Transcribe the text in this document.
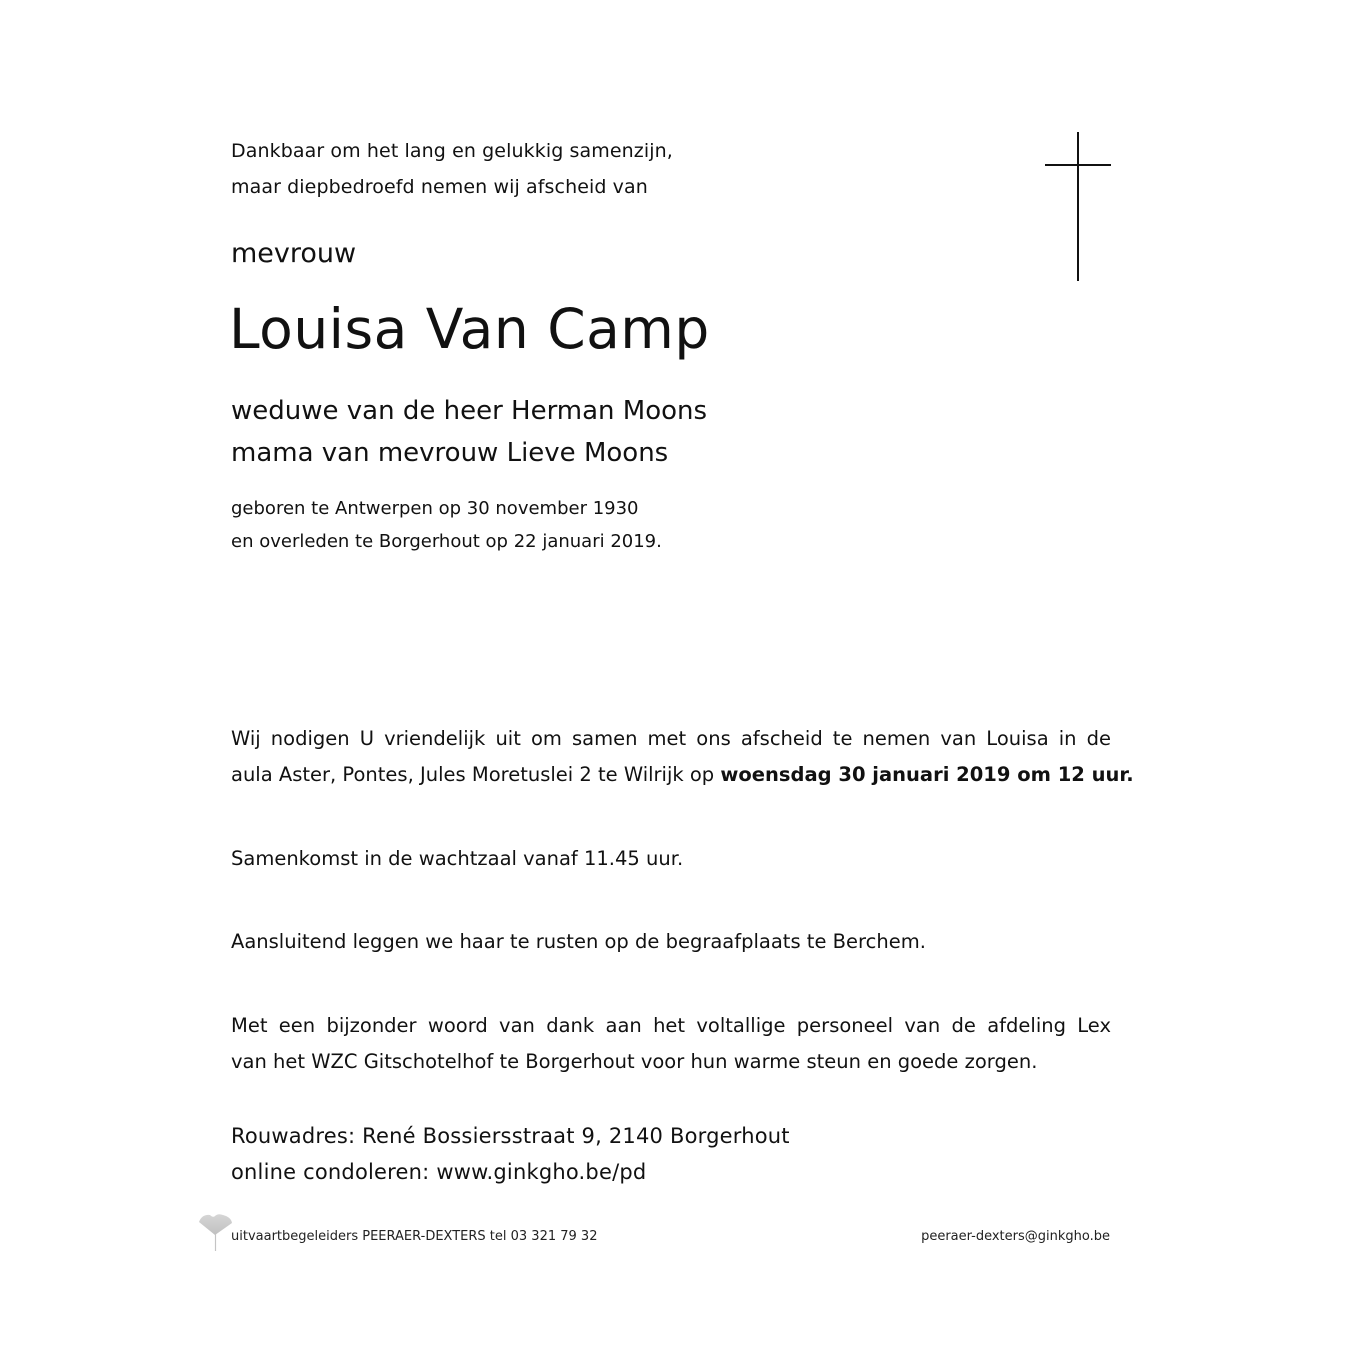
Dankbaar om het lang en gelukkig samenzijn,
maar diepbedroefd nemen wij afscheid van
mevrouw
Louisa Van Camp
weduwe van de heer Herman Moons
mama van mevrouw Lieve Moons
geboren te Antwerpen op 30 november 1930
en overleden te Borgerhout op 22 januari 2019.
Wij nodigen U vriendelijk uit om samen met ons afscheid te nemen van Louisa in de
aula Aster, Pontes, Jules Moretuslei 2 te Wilrijk op woensdag 30 januari 2019 om 12 uur.
Samenkomst in de wachtzaal vanaf 11.45 uur.
Aansluitend leggen we haar te rusten op de begraafplaats te Berchem.
Met een bijzonder woord van dank aan het voltallige personeel van de afdeling Lex
van het WZC Gitschotelhof te Borgerhout voor hun warme steun en goede zorgen.
Rouwadres: René Bossiersstraat 9, 2140 Borgerhout
online condoleren: www.ginkgho.be/pd
uitvaartbegeleiders PEERAER-DEXTERS tel 03 321 79 32	peeraer-dexters@ginkgho.be
